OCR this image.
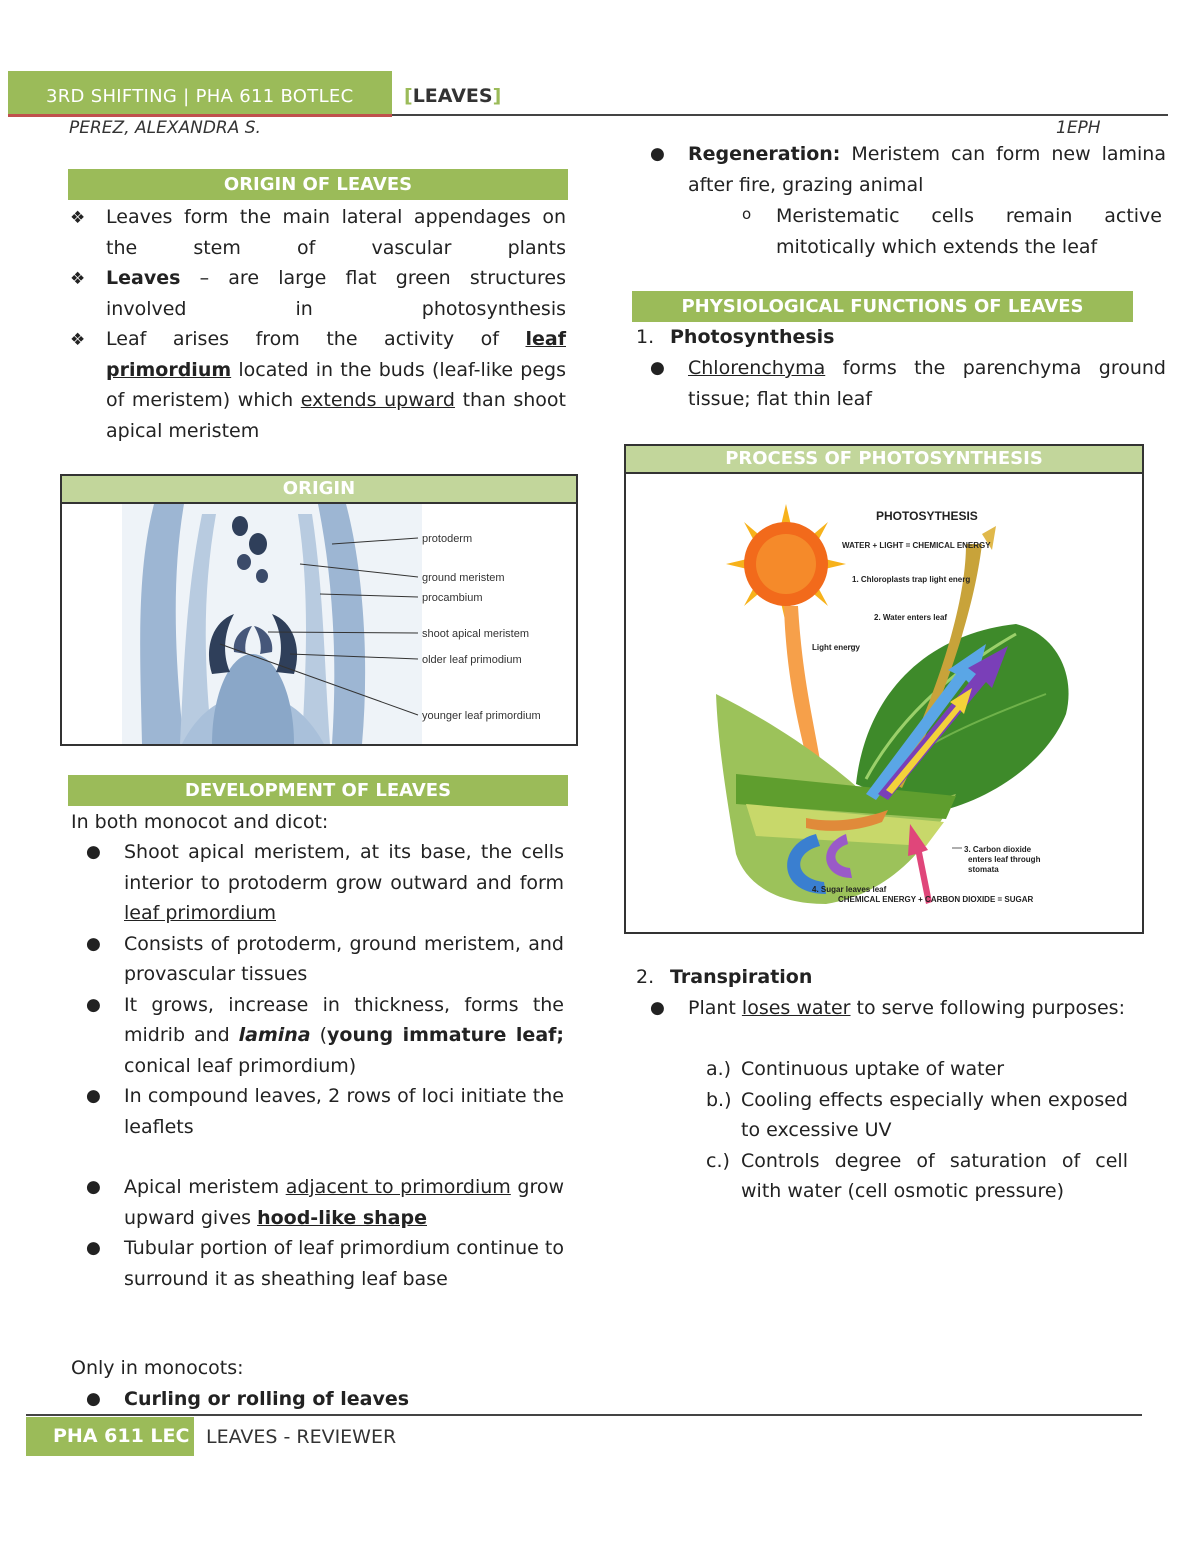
3RD SHIFTING | PHA 611 BOTLEC	[LEAVES]
PEREZ, ALEXANDRA S.	1EPH
ORIGIN OF LEAVES
❖ Leaves form the main lateral appendages on the stem of vascular plants
❖ Leaves – are large flat green structures involved in photosynthesis
❖ Leaf arises from the activity of leaf primordium located in the buds (leaf-like pegs of meristem) which extends upward than shoot apical meristem
ORIGIN
protoderm
ground meristem
procambium
shoot apical meristem
older leaf primodium
younger leaf primordium
DEVELOPMENT OF LEAVES
In both monocot and dicot:
● Shoot apical meristem, at its base, the cells interior to protoderm grow outward and form leaf primordium
● Consists of protoderm, ground meristem, and provascular tissues
● It grows, increase in thickness, forms the midrib and lamina (young immature leaf; conical leaf primordium)
● In compound leaves, 2 rows of loci initiate the leaflets
● Apical meristem adjacent to primordium grow upward gives hood-like shape
● Tubular portion of leaf primordium continue to surround it as sheathing leaf base
Only in monocots:
● Curling or rolling of leaves
● Regeneration: Meristem can form new lamina after fire, grazing animal
o Meristematic cells remain active mitotically which extends the leaf
PHYSIOLOGICAL FUNCTIONS OF LEAVES
1. Photosynthesis
● Chlorenchyma forms the parenchyma ground tissue; flat thin leaf
PROCESS OF PHOTOSYNTHESIS
PHOTOSYTHESIS
WATER + LIGHT = CHEMICAL ENERGY
1. Chloroplasts trap light energ
2. Water enters leaf
Light energy
3. Carbon dioxide
enters leaf through
stomata
4. Sugar leaves leaf
CHEMICAL ENERGY + CARBON DIOXIDE = SUGAR
2. Transpiration
● Plant loses water to serve following purposes:
a.) Continuous uptake of water
b.) Cooling effects especially when exposed to excessive UV
c.) Controls degree of saturation of cell with water (cell osmotic pressure)
PHA 611 LEC LEAVES - REVIEWER
